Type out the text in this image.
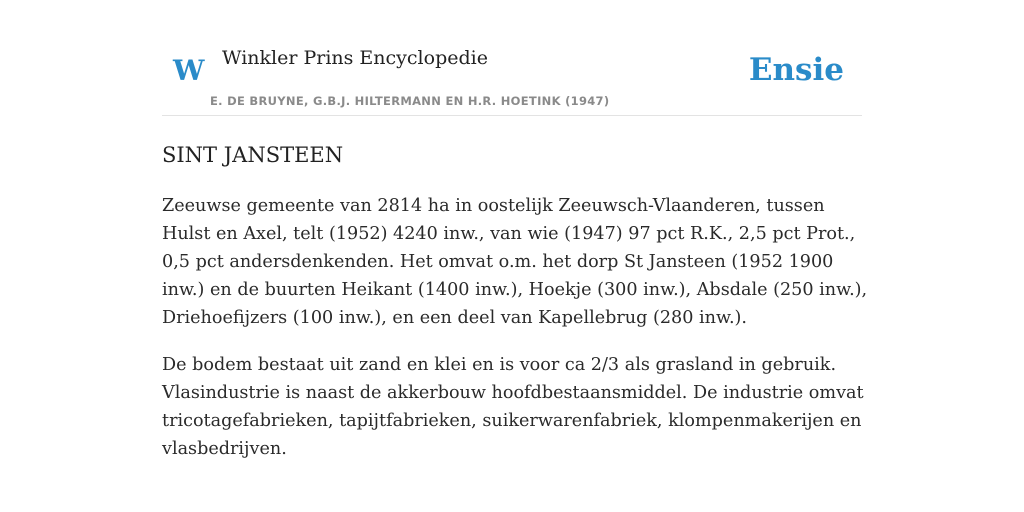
W Winkler Prins Encyclopedie
E. DE BRUYNE, G.B.J. HILTERMANN EN H.R. HOETINK (1947)
Ensie
SINT JANSTEEN

Zeeuwse gemeente van 2814 ha in oostelijk Zeeuwsch-Vlaanderen, tussen Hulst en Axel, telt (1952) 4240 inw., van wie (1947) 97 pct R.K., 2,5 pct Prot., 0,5 pct andersdenkenden. Het omvat o.m. het dorp St Jansteen (1952 1900 inw.) en de buurten Heikant (1400 inw.), Hoekje (300 inw.), Absdale (250 inw.), Driehoefijzers (100 inw.), en een deel van Kapellebrug (280 inw.).

De bodem bestaat uit zand en klei en is voor ca 2/3 als grasland in gebruik. Vlasindustrie is naast de akkerbouw hoofdbestaansmiddel. De industrie omvat tricotagefabrieken, tapijtfabrieken, suikerwarenfabriek, klompenmakerijen en vlasbedrijven.
